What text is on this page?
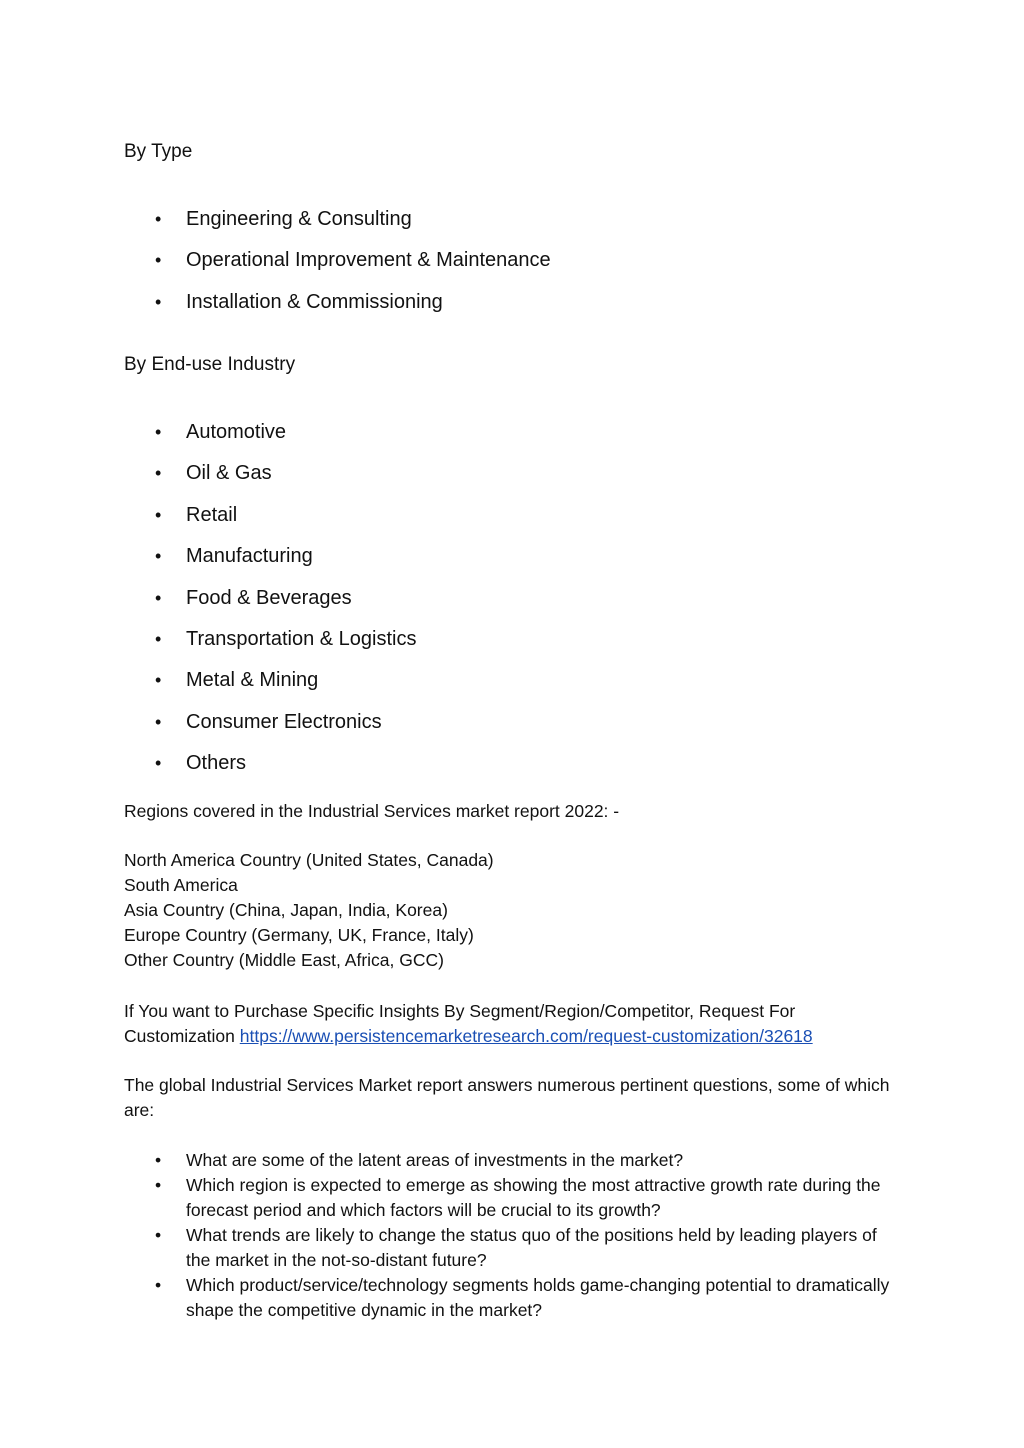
By Type
• Engineering & Consulting
• Operational Improvement & Maintenance
• Installation & Commissioning
By End-use Industry
• Automotive
• Oil & Gas
• Retail
• Manufacturing
• Food & Beverages
• Transportation & Logistics
• Metal & Mining
• Consumer Electronics
• Others
Regions covered in the Industrial Services market report 2022: -
North America Country (United States, Canada)
South America
Asia Country (China, Japan, India, Korea)
Europe Country (Germany, UK, France, Italy)
Other Country (Middle East, Africa, GCC)
If You want to Purchase Specific Insights By Segment/Region/Competitor, Request For Customization https://www.persistencemarketresearch.com/request-customization/32618
The global Industrial Services Market report answers numerous pertinent questions, some of which are:
• What are some of the latent areas of investments in the market?
• Which region is expected to emerge as showing the most attractive growth rate during the forecast period and which factors will be crucial to its growth?
• What trends are likely to change the status quo of the positions held by leading players of the market in the not-so-distant future?
• Which product/service/technology segments holds game-changing potential to dramatically shape the competitive dynamic in the market?
